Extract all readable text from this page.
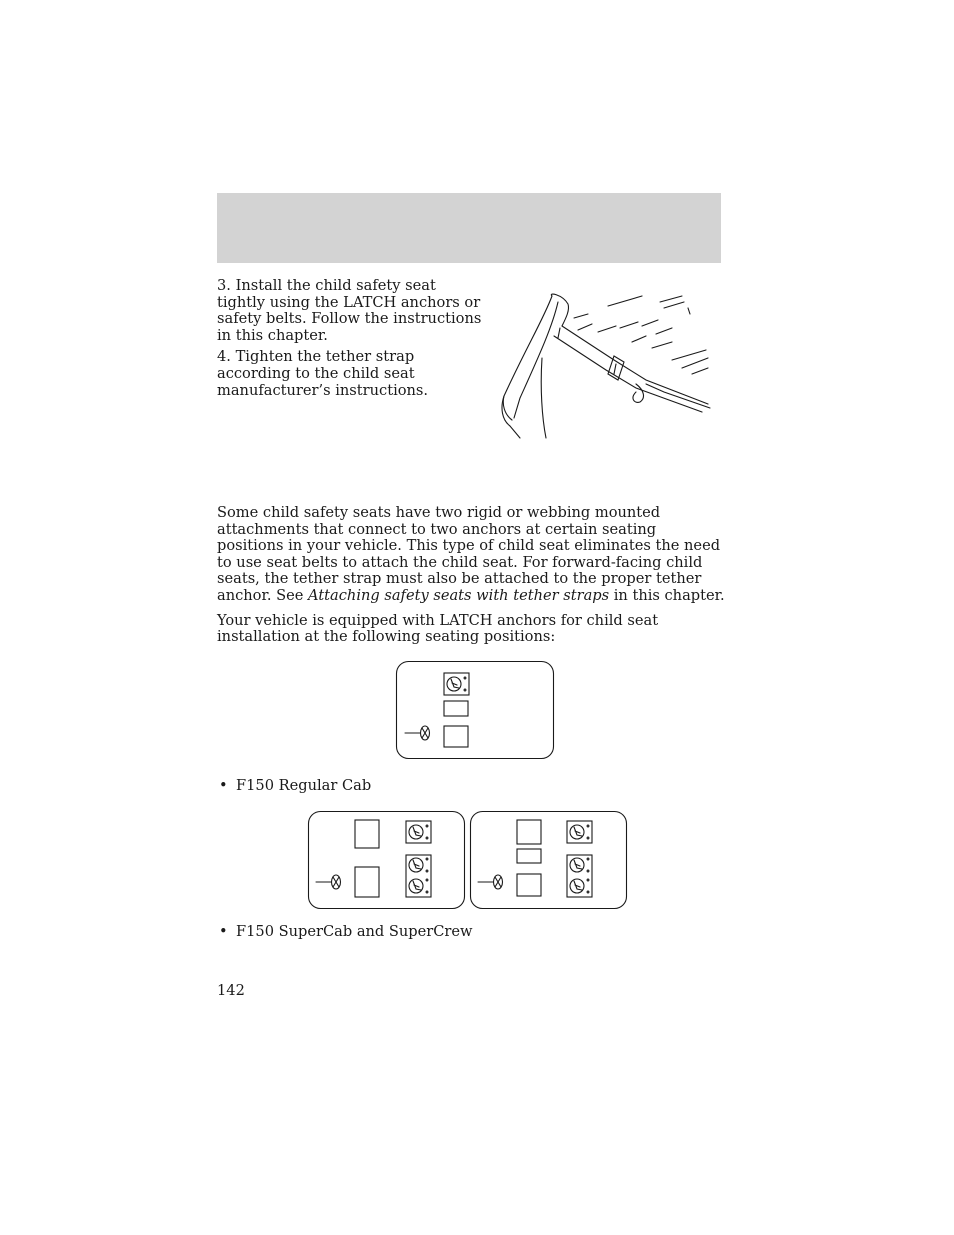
3. Install the child safety seat tightly using the LATCH anchors or safety belts. Follow the instructions in this chapter.

4. Tighten the tether strap according to the child seat manufacturer’s instructions.

Some child safety seats have two rigid or webbing mounted attachments that connect to two anchors at certain seating positions in your vehicle. This type of child seat eliminates the need to use seat belts to attach the child seat. For forward-facing child seats, the tether strap must also be attached to the proper tether anchor. See Attaching safety seats with tether straps in this chapter.

Your vehicle is equipped with LATCH anchors for child seat installation at the following seating positions:

• F150 Regular Cab
• F150 SuperCab and SuperCrew
142
